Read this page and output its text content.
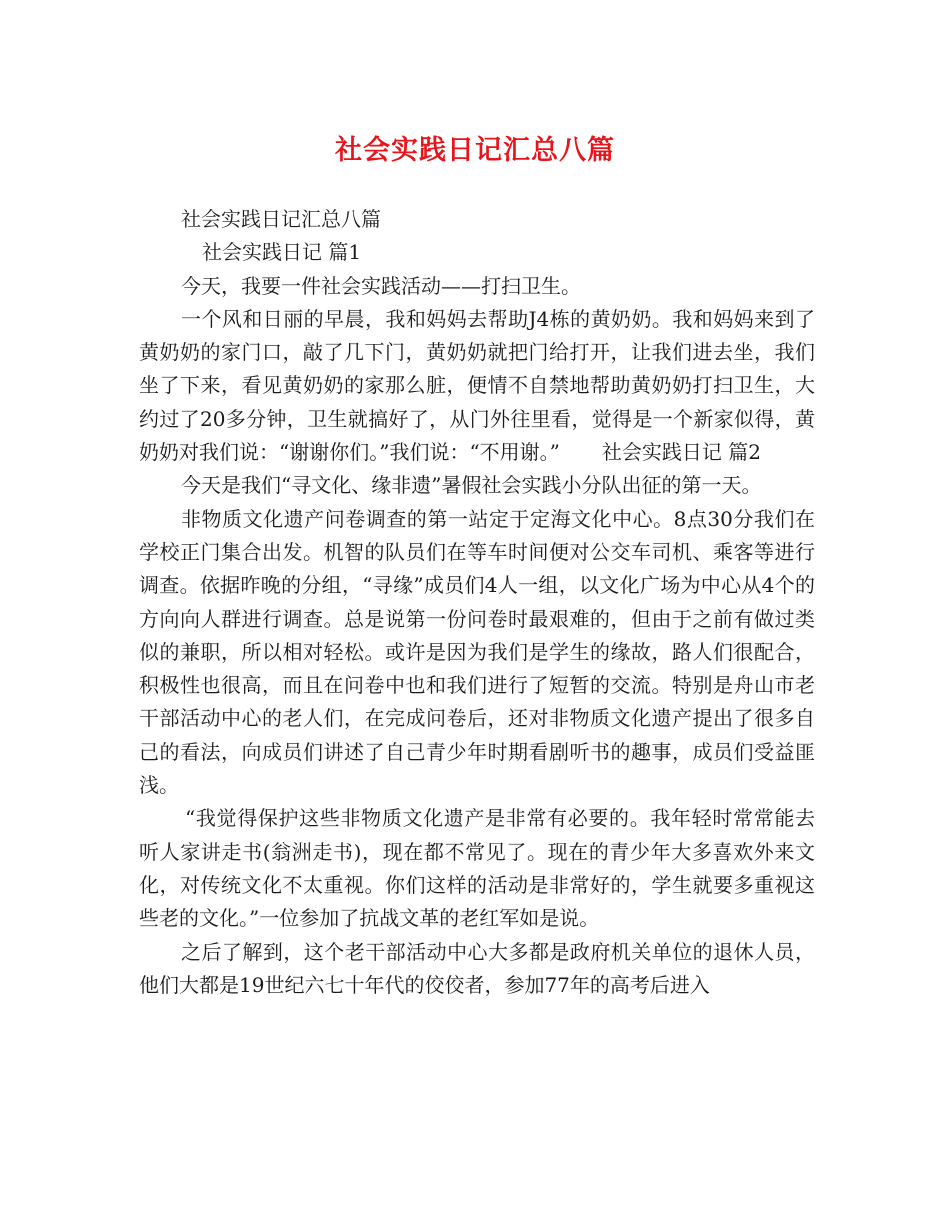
社会实践日记汇总八篇

社会实践日记汇总八篇

社会实践日记 篇1

今天，我要一件社会实践活动——打扫卫生。

一个风和日丽的早晨，我和妈妈去帮助J4栋的黄奶奶。我和妈妈来到了黄奶奶的家门口，敲了几下门，黄奶奶就把门给打开，让我们进去坐，我们坐了下来，看见黄奶奶的家那么脏，便情不自禁地帮助黄奶奶打扫卫生，大约过了20多分钟，卫生就搞好了，从门外往里看，觉得是一个新家似得，黄奶奶对我们说：“谢谢你们。”我们说：“不用谢。” 社会实践日记 篇2

今天是我们“寻文化、缘非遗”暑假社会实践小分队出征的第一天。

非物质文化遗产问卷调查的第一站定于定海文化中心。8点30分我们在学校正门集合出发。机智的队员们在等车时间便对公交车司机、乘客等进行调查。依据昨晚的分组，“寻缘”成员们4人一组，以文化广场为中心从4个的方向向人群进行调查。总是说第一份问卷时最艰难的，但由于之前有做过类似的兼职，所以相对轻松。或许是因为我们是学生的缘故，路人们很配合，积极性也很高，而且在问卷中也和我们进行了短暂的交流。特别是舟山市老干部活动中心的老人们，在完成问卷后，还对非物质文化遗产提出了很多自己的看法，向成员们讲述了自己青少年时期看剧听书的趣事，成员们受益匪浅。

“我觉得保护这些非物质文化遗产是非常有必要的。我年轻时常常能去听人家讲走书(翁洲走书)，现在都不常见了。现在的青少年大多喜欢外来文化，对传统文化不太重视。你们这样的活动是非常好的，学生就要多重视这些老的文化。”一位参加了抗战文革的老红军如是说。

之后了解到，这个老干部活动中心大多都是政府机关单位的退休人员，他们大都是19世纪六七十年代的佼佼者，参加77年的高考后进入
